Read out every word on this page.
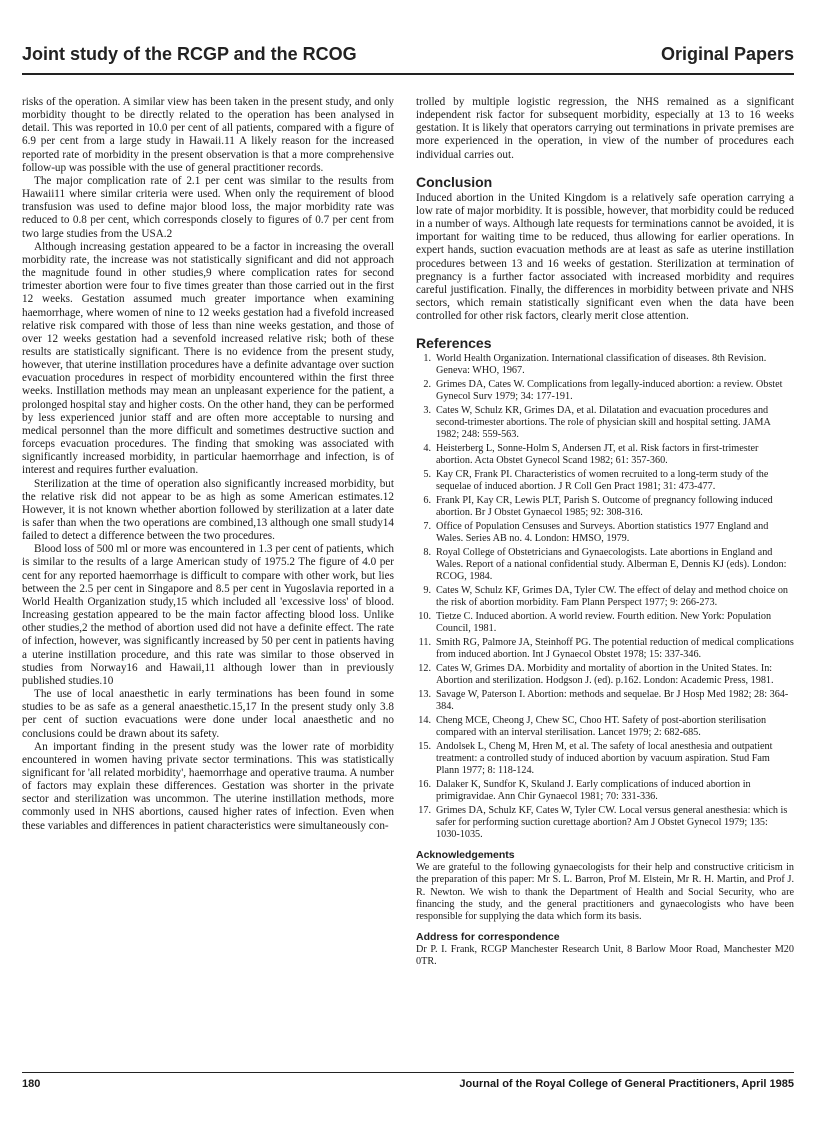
Joint study of the RCGP and the RCOG	Original Papers

risks of the operation. A similar view has been taken in the present study, and only morbidity thought to be directly related to the operation has been analysed in detail. This was reported in 10.0 per cent of all patients, compared with a figure of 6.9 per cent from a large study in Hawaii.11 A likely reason for the increased reported rate of morbidity in the present observation is that a more comprehensive follow-up was possible with the use of general practitioner records.

The major complication rate of 2.1 per cent was similar to the results from Hawaii11 where similar criteria were used. When only the requirement of blood transfusion was used to define major blood loss, the major morbidity rate was reduced to 0.8 per cent, which corresponds closely to figures of 0.7 per cent from two large studies from the USA.2

Although increasing gestation appeared to be a factor in increasing the overall morbidity rate, the increase was not statistically significant and did not approach the magnitude found in other studies,9 where complication rates for second trimester abortion were four to five times greater than those carried out in the first 12 weeks. Gestation assumed much greater importance when examining haemorrhage, where women of nine to 12 weeks gestation had a fivefold increased relative risk compared with those of less than nine weeks gestation, and those of over 12 weeks gestation had a sevenfold increased relative risk; both of these results are statistically significant. There is no evidence from the present study, however, that uterine instillation procedures have a definite advantage over suction evacuation procedures in respect of morbidity encountered within the first three weeks. Instillation methods may mean an unpleasant experience for the patient, a prolonged hospital stay and higher costs. On the other hand, they can be performed by less experienced junior staff and are often more acceptable to nursing and medical personnel than the more difficult and sometimes destructive suction and forceps evacuation procedures. The finding that smoking was associated with significantly increased morbidity, in particular haemorrhage and infection, is of interest and requires further evaluation.

Sterilization at the time of operation also significantly increased morbidity, but the relative risk did not appear to be as high as some American estimates.12 However, it is not known whether abortion followed by sterilization at a later date is safer than when the two operations are combined,13 although one small study14 failed to detect a difference between the two procedures.

Blood loss of 500 ml or more was encountered in 1.3 per cent of patients, which is similar to the results of a large American study of 1975.2 The figure of 4.0 per cent for any reported haemorrhage is difficult to compare with other work, but lies between the 2.5 per cent in Singapore and 8.5 per cent in Yugoslavia reported in a World Health Organization study,15 which included all 'excessive loss' of blood. Increasing gestation appeared to be the main factor affecting blood loss. Unlike other studies,2 the method of abortion used did not have a definite effect. The rate of infection, however, was significantly increased by 50 per cent in patients having a uterine instillation procedure, and this rate was similar to those observed in studies from Norway16 and Hawaii,11 although lower than in previously published studies.10

The use of local anaesthetic in early terminations has been found in some studies to be as safe as a general anaesthetic.15,17 In the present study only 3.8 per cent of suction evacuations were done under local anaesthetic and no conclusions could be drawn about its safety.

An important finding in the present study was the lower rate of morbidity encountered in women having private sector terminations. This was statistically significant for 'all related morbidity', haemorrhage and operative trauma. A number of factors may explain these differences. Gestation was shorter in the private sector and sterilization was uncommon. The uterine instillation methods, more commonly used in NHS abortions, caused higher rates of infection. Even when these variables and differences in patient characteristics were simultaneously con-

trolled by multiple logistic regression, the NHS remained as a significant independent risk factor for subsequent morbidity, especially at 13 to 16 weeks gestation. It is likely that operators carrying out terminations in private premises are more experienced in the operation, in view of the number of procedures each individual carries out.

Conclusion

Induced abortion in the United Kingdom is a relatively safe operation carrying a low rate of major morbidity. It is possible, however, that morbidity could be reduced in a number of ways. Although late requests for terminations cannot be avoided, it is important for waiting time to be reduced, thus allowing for earlier operations. In expert hands, suction evacuation methods are at least as safe as uterine instillation procedures between 13 and 16 weeks of gestation. Sterilization at termination of pregnancy is a further factor associated with increased morbidity and requires careful justification. Finally, the differences in morbidity between private and NHS sectors, which remain statistically significant even when the data have been controlled for other risk factors, clearly merit close attention.

References
1. World Health Organization. International classification of diseases. 8th Revision. Geneva: WHO, 1967.
2. Grimes DA, Cates W. Complications from legally-induced abortion: a review. Obstet Gynecol Surv 1979; 34: 177-191.
3. Cates W, Schulz KR, Grimes DA, et al. Dilatation and evacuation procedures and second-trimester abortions. The role of physician skill and hospital setting. JAMA 1982; 248: 559-563.
4. Heisterberg L, Sonne-Holm S, Andersen JT, et al. Risk factors in first-trimester abortion. Acta Obstet Gynecol Scand 1982; 61: 357-360.
5. Kay CR, Frank PI. Characteristics of women recruited to a long-term study of the sequelae of induced abortion. J R Coll Gen Pract 1981; 31: 473-477.
6. Frank PI, Kay CR, Lewis PLT, Parish S. Outcome of pregnancy following induced abortion. Br J Obstet Gynaecol 1985; 92: 308-316.
7. Office of Population Censuses and Surveys. Abortion statistics 1977 England and Wales. Series AB no. 4. London: HMSO, 1979.
8. Royal College of Obstetricians and Gynaecologists. Late abortions in England and Wales. Report of a national confidential study. Alberman E, Dennis KJ (eds). London: RCOG, 1984.
9. Cates W, Schulz KF, Grimes DA, Tyler CW. The effect of delay and method choice on the risk of abortion morbidity. Fam Plann Perspect 1977; 9: 266-273.
10. Tietze C. Induced abortion. A world review. Fourth edition. New York: Population Council, 1981.
11. Smith RG, Palmore JA, Steinhoff PG. The potential reduction of medical complications from induced abortion. Int J Gynaecol Obstet 1978; 15: 337-346.
12. Cates W, Grimes DA. Morbidity and mortality of abortion in the United States. In: Abortion and sterilization. Hodgson J. (ed). p.162. London: Academic Press, 1981.
13. Savage W, Paterson I. Abortion: methods and sequelae. Br J Hosp Med 1982; 28: 364-384.
14. Cheng MCE, Cheong J, Chew SC, Choo HT. Safety of post-abortion sterilisation compared with an interval sterilisation. Lancet 1979; 2: 682-685.
15. Andolsek L, Cheng M, Hren M, et al. The safety of local anesthesia and outpatient treatment: a controlled study of induced abortion by vacuum aspiration. Stud Fam Plann 1977; 8: 118-124.
16. Dalaker K, Sundfor K, Skuland J. Early complications of induced abortion in primigravidae. Ann Chir Gynaecol 1981; 70: 331-336.
17. Grimes DA, Schulz KF, Cates W, Tyler CW. Local versus general anesthesia: which is safer for performing suction curettage abortion? Am J Obstet Gynecol 1979; 135: 1030-1035.
Acknowledgements

We are grateful to the following gynaecologists for their help and constructive criticism in the preparation of this paper: Mr S. L. Barron, Prof M. Elstein, Mr R. H. Martin, and Prof J. R. Newton. We wish to thank the Department of Health and Social Security, who are financing the study, and the general practitioners and gynaecologists who have been responsible for supplying the data which form its basis.

Address for correspondence

Dr P. I. Frank, RCGP Manchester Research Unit, 8 Barlow Moor Road, Manchester M20 0TR.

180	Journal of the Royal College of General Practitioners, April 1985
